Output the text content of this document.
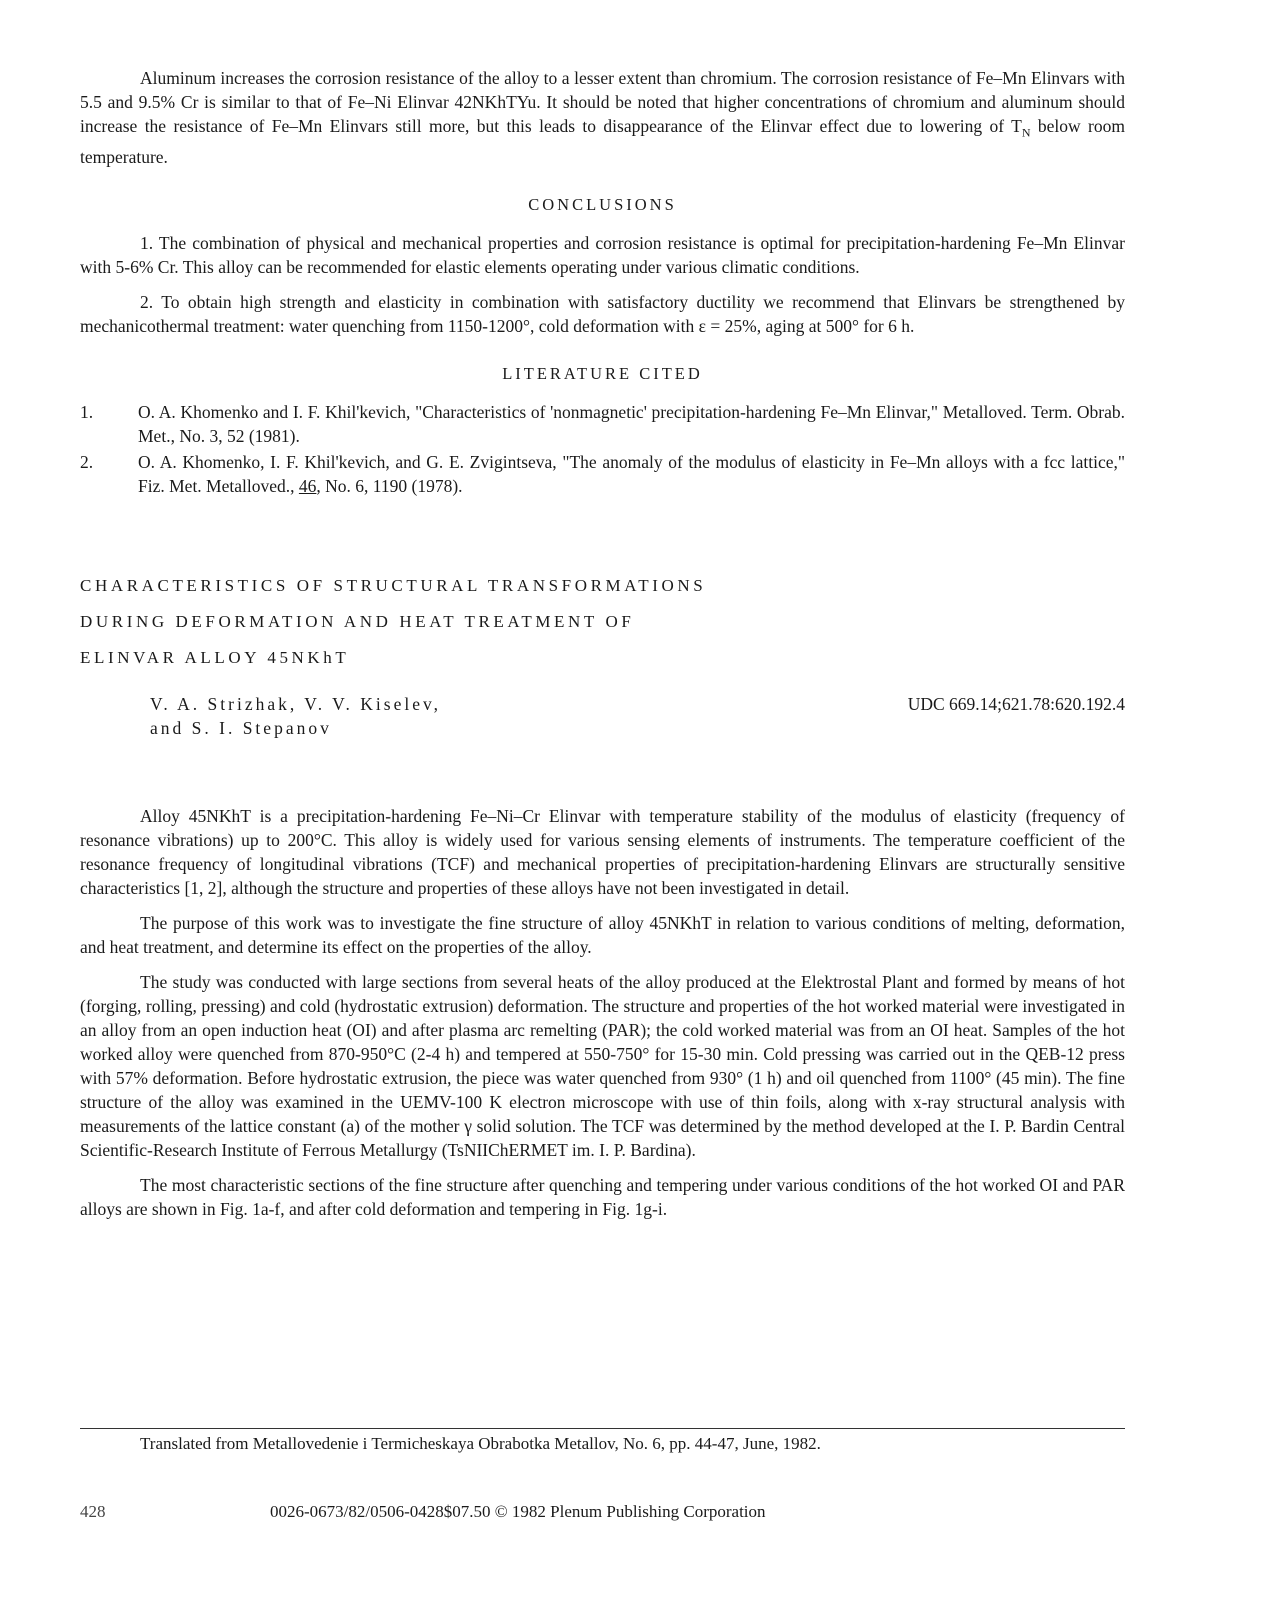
Aluminum increases the corrosion resistance of the alloy to a lesser extent than chromium. The corrosion resistance of Fe–Mn Elinvars with 5.5 and 9.5% Cr is similar to that of Fe–Ni Elinvar 42NKhTYu. It should be noted that higher concentrations of chromium and aluminum should increase the resistance of Fe–Mn Elinvars still more, but this leads to disappearance of the Elinvar effect due to lowering of $T_N$ below room temperature.

CONCLUSIONS

1. The combination of physical and mechanical properties and corrosion resistance is optimal for precipitation-hardening Fe–Mn Elinvar with 5-6% Cr. This alloy can be recommended for elastic elements operating under various climatic conditions.

2. To obtain high strength and elasticity in combination with satisfactory ductility we recommend that Elinvars be strengthened by mechanicothermal treatment: water quenching from 1150-1200°, cold deformation with ε = 25%, aging at 500° for 6 h.

LITERATURE CITED
1.	O. A. Khomenko and I. F. Khil'kevich, "Characteristics of 'nonmagnetic' precipitation-hardening Fe–Mn Elinvar," Metalloved. Term. Obrab. Met., No. 3, 52 (1981).
2.	O. A. Khomenko, I. F. Khil'kevich, and G. E. Zvigintseva, "The anomaly of the modulus of elasticity in Fe–Mn alloys with a fcc lattice," Fiz. Met. Metalloved., 46, No. 6, 1190 (1978).
CHARACTERISTICS OF STRUCTURAL TRANSFORMATIONS
DURING DEFORMATION AND HEAT TREATMENT OF
ELINVAR ALLOY 45NKhT
V. A. Strizhak, V. V. Kiselev,
and S. I. Stepanov
UDC 669.14;621.78:620.192.4

Alloy 45NKhT is a precipitation-hardening Fe–Ni–Cr Elinvar with temperature stability of the modulus of elasticity (frequency of resonance vibrations) up to 200°C. This alloy is widely used for various sensing elements of instruments. The temperature coefficient of the resonance frequency of longitudinal vibrations (TCF) and mechanical properties of precipitation-hardening Elinvars are structurally sensitive characteristics [1, 2], although the structure and properties of these alloys have not been investigated in detail.

The purpose of this work was to investigate the fine structure of alloy 45NKhT in relation to various conditions of melting, deformation, and heat treatment, and determine its effect on the properties of the alloy.

The study was conducted with large sections from several heats of the alloy produced at the Elektrostal Plant and formed by means of hot (forging, rolling, pressing) and cold (hydrostatic extrusion) deformation. The structure and properties of the hot worked material were investigated in an alloy from an open induction heat (OI) and after plasma arc remelting (PAR); the cold worked material was from an OI heat. Samples of the hot worked alloy were quenched from 870-950°C (2-4 h) and tempered at 550-750° for 15-30 min. Cold pressing was carried out in the QEB-12 press with 57% deformation. Before hydrostatic extrusion, the piece was water quenched from 930° (1 h) and oil quenched from 1100° (45 min). The fine structure of the alloy was examined in the UEMV-100 K electron microscope with use of thin foils, along with x-ray structural analysis with measurements of the lattice constant (a) of the mother γ solid solution. The TCF was determined by the method developed at the I. P. Bardin Central Scientific-Research Institute of Ferrous Metallurgy (TsNIIChERMET im. I. P. Bardina).

The most characteristic sections of the fine structure after quenching and tempering under various conditions of the hot worked OI and PAR alloys are shown in Fig. 1a-f, and after cold deformation and tempering in Fig. 1g-i.

Translated from Metallovedenie i Termicheskaya Obrabotka Metallov, No. 6, pp. 44-47, June, 1982.
428	0026-0673/82/0506-0428$07.50 © 1982 Plenum Publishing Corporation
